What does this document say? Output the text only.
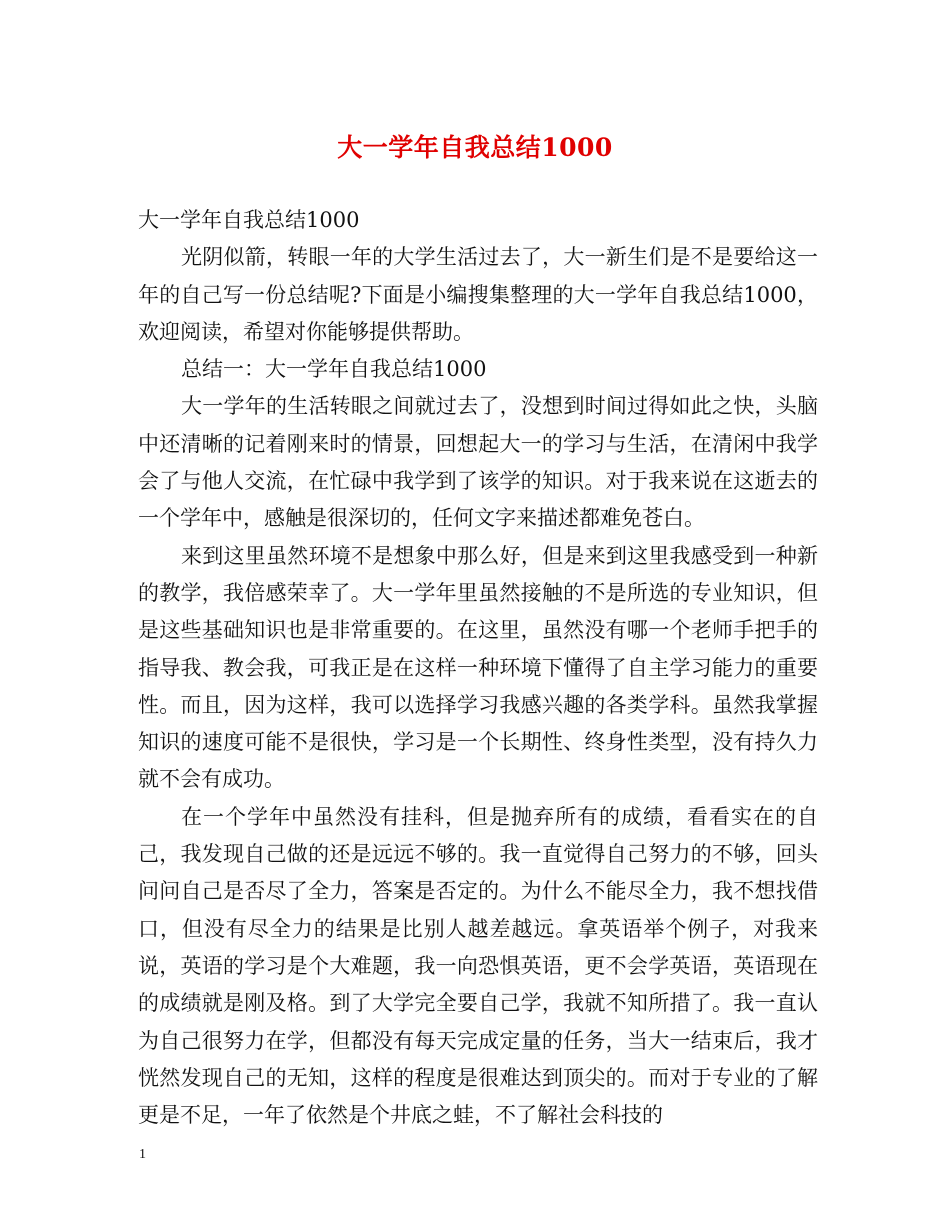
大一学年自我总结1000

大一学年自我总结1000

光阴似箭，转眼一年的大学生活过去了，大一新生们是不是要给这一年的自己写一份总结呢?下面是小编搜集整理的大一学年自我总结1000，欢迎阅读，希望对你能够提供帮助。

总结一：大一学年自我总结1000

大一学年的生活转眼之间就过去了，没想到时间过得如此之快，头脑中还清晰的记着刚来时的情景，回想起大一的学习与生活，在清闲中我学会了与他人交流，在忙碌中我学到了该学的知识。对于我来说在这逝去的一个学年中，感触是很深切的，任何文字来描述都难免苍白。

来到这里虽然环境不是想象中那么好，但是来到这里我感受到一种新的教学，我倍感荣幸了。大一学年里虽然接触的不是所选的专业知识，但是这些基础知识也是非常重要的。在这里，虽然没有哪一个老师手把手的指导我、教会我，可我正是在这样一种环境下懂得了自主学习能力的重要性。而且，因为这样，我可以选择学习我感兴趣的各类学科。虽然我掌握知识的速度可能不是很快，学习是一个长期性、终身性类型，没有持久力就不会有成功。

在一个学年中虽然没有挂科，但是抛弃所有的成绩，看看实在的自己，我发现自己做的还是远远不够的。我一直觉得自己努力的不够，回头问问自己是否尽了全力，答案是否定的。为什么不能尽全力，我不想找借口，但没有尽全力的结果是比别人越差越远。拿英语举个例子，对我来说，英语的学习是个大难题，我一向恐惧英语，更不会学英语，英语现在的成绩就是刚及格。到了大学完全要自己学，我就不知所措了。我一直认为自己很努力在学，但都没有每天完成定量的任务，当大一结束后，我才恍然发现自己的无知，这样的程度是很难达到顶尖的。而对于专业的了解更是不足，一年了依然是个井底之蛙，不了解社会科技的

1
